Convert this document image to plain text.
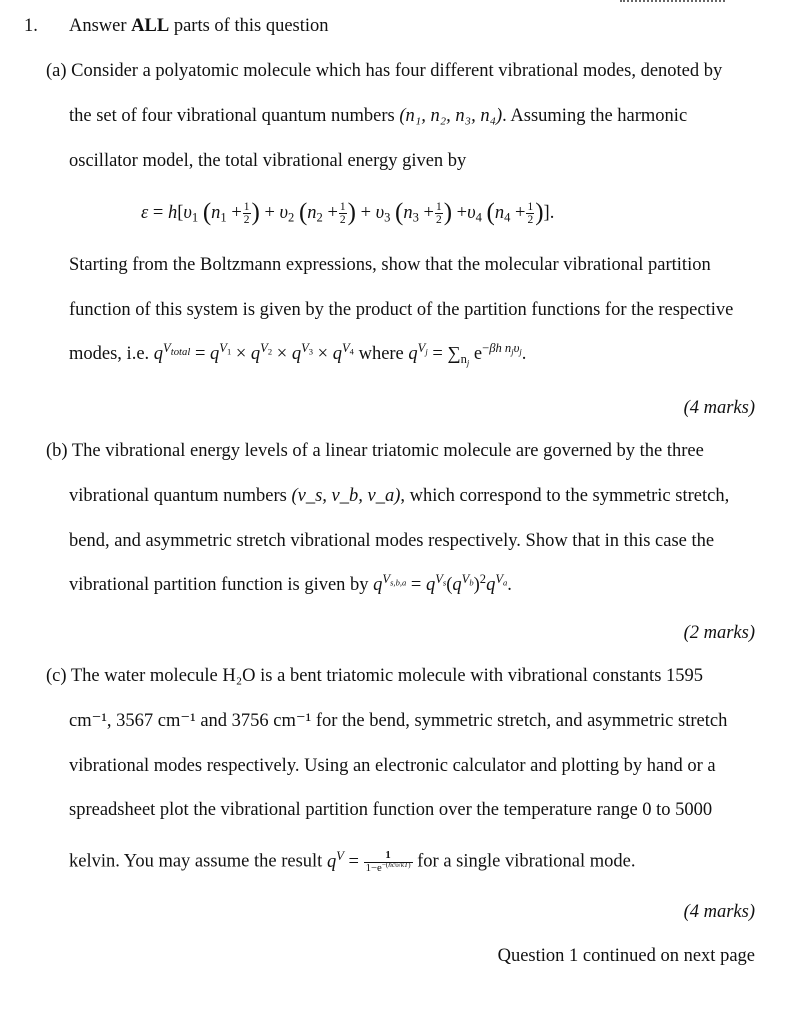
1. Answer ALL parts of this question
(a) Consider a polyatomic molecule which has four different vibrational modes, denoted by
the set of four vibrational quantum numbers (n₁, n₂, n₃, n₄). Assuming the harmonic
oscillator model, the total vibrational energy given by
$\varepsilon = h[\upsilon_1$ ($n_1 + \frac{1}{2}$ ) + $\upsilon_2$ ($n_2 + \frac{1}{2}$ ) + $\upsilon_3$ ($n_3 + \frac{1}{2}$ ) $+\upsilon_4$ ($n_4 + \frac{1}{2}$ )].
Starting from the Boltzmann expressions, show that the molecular vibrational partition
function of this system is given by the product of the partition functions for the respective
modes, i.e. $q^{V_{total}} = q^{V_1} \times q^{V_2} \times q^{V_3} \times q^{V_4}$ where $q^{V_j} = \sum_{n_j}$ $e^{-\beta h n_j\upsilon_j}$.
(4 marks)
(b) The vibrational energy levels of a linear triatomic molecule are governed by the three
vibrational quantum numbers (v_s, v_b, v_a), which correspond to the symmetric stretch,
bend, and asymmetric stretch vibrational modes respectively. Show that in this case the
vibrational partition function is given by $q^{V_{s,b,a}} = q^{V_s}(q^{V_b})^2q^{V_a}$.
(2 marks)
(c) The water molecule H₂O is a bent triatomic molecule with vibrational constants 1595
cm⁻¹, 3567 cm⁻¹ and 3756 cm⁻¹ for the bend, symmetric stretch, and asymmetric stretch
vibrational modes respectively. Using an electronic calculator and plotting by hand or a
spreadsheet plot the vibrational partition function over the temperature range 0 to 5000
kelvin. You may assume the result $q^V$ =	1
$1-e^{-(hcῡ/kT)}$ for a single vibrational mode.
(4 marks)
Question 1 continued on next page
